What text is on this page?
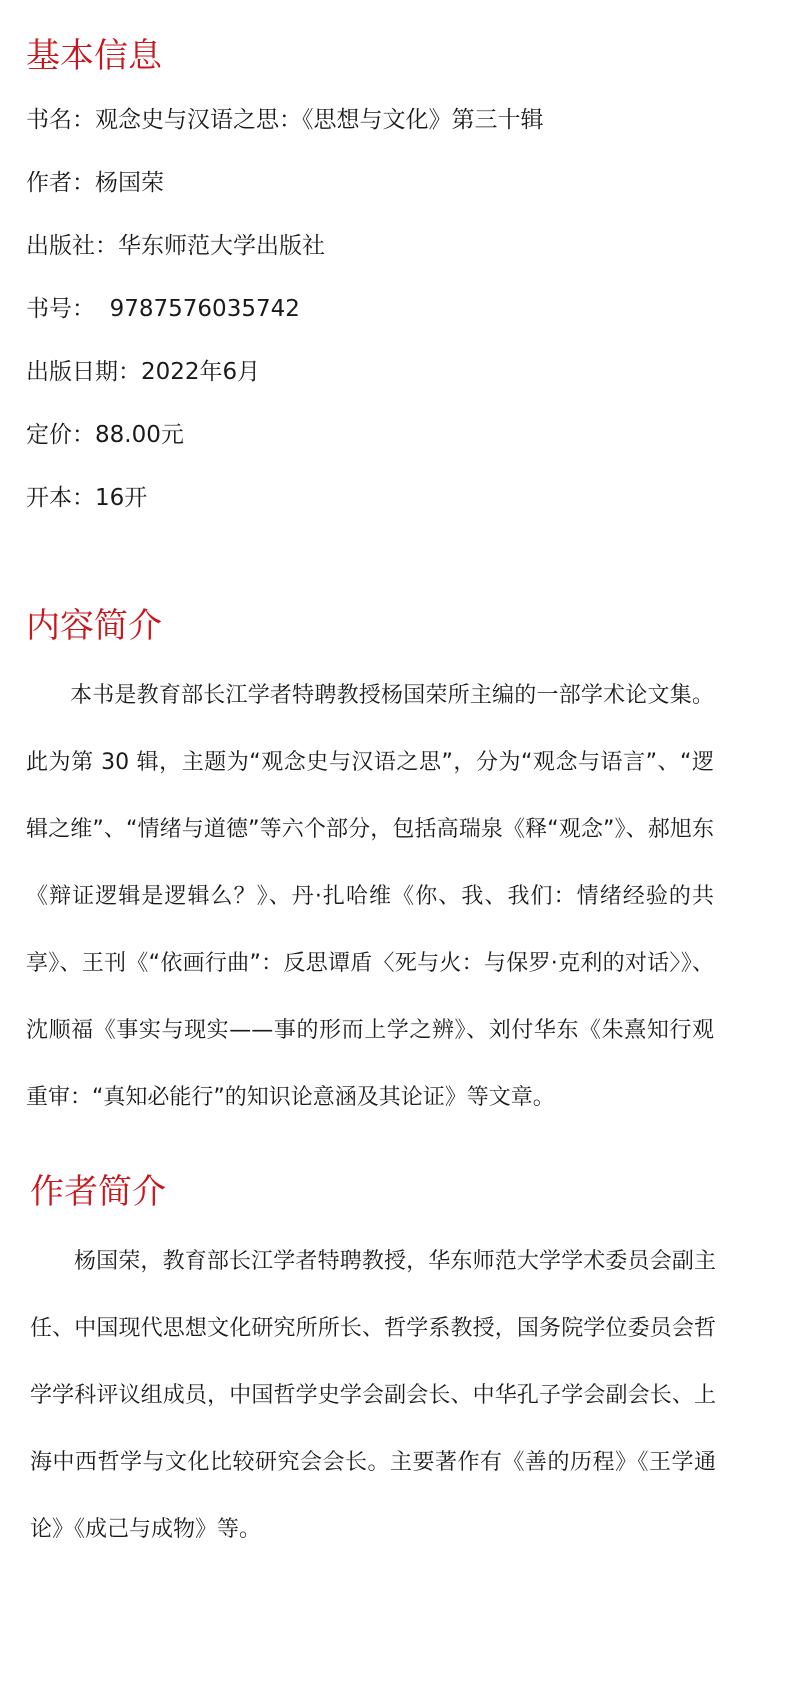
基本信息

书名：观念史与汉语之思：《思想与文化》第三十辑

作者：杨国荣

出版社：华东师范大学出版社

书号：  9787576035742

出版日期：2022年6月

定价：88.00元

开本：16开

内容简介

本书是教育部长江学者特聘教授杨国荣所主编的一部学术论文集。此为第 30 辑，主题为“观念史与汉语之思”，分为“观念与语言”、“逻辑之维”、“情绪与道德”等六个部分，包括高瑞泉《释“观念”》、郝旭东《辩证逻辑是逻辑么？》、丹·扎哈维《你、我、我们：情绪经验的共享》、王刊《“依画行曲”：反思谭盾〈死与火：与保罗·克利的对话〉》、沈顺福《事实与现实——事的形而上学之辨》、刘付华东《朱熹知行观重审：“真知必能行”的知识论意涵及其论证》等文章。

作者简介

杨国荣，教育部长江学者特聘教授，华东师范大学学术委员会副主任、中国现代思想文化研究所所长、哲学系教授，国务院学位委员会哲学学科评议组成员，中国哲学史学会副会长、中华孔子学会副会长、上海中西哲学与文化比较研究会会长。主要著作有《善的历程》《王学通论》《成己与成物》等。
